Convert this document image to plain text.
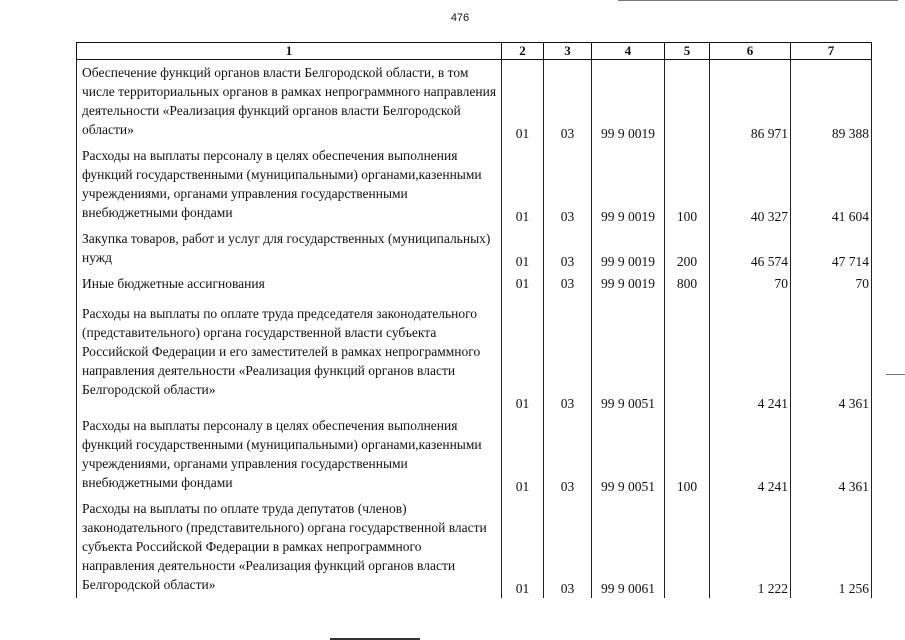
476
1	2	3	4	5	6	7
Обеспечение функций органов власти Белгородской области, в том числе территориальных органов в рамках непрограммного направления деятельности «Реализация функций органов власти Белгородской области»	01	03	99 9 0019		86 971	89 388
Расходы на выплаты персоналу в целях обеспечения выполнения функций государственными (муниципальными) органами,казенными учреждениями, органами управления государственными внебюджетными фондами	01	03	99 9 0019	100	40 327	41 604
Закупка товаров, работ и услуг для государственных (муниципальных) нужд	01	03	99 9 0019	200	46 574	47 714
Иные бюджетные ассигнования	01	03	99 9 0019	800	70	70
Расходы на выплаты по оплате труда председателя законодательного (представительного) органа государственной власти субъекта Российской Федерации и его заместителей в рамках непрограммного направления деятельности «Реализация функций органов власти Белгородской области»	01	03	99 9 0051		4 241	4 361
Расходы на выплаты персоналу в целях обеспечения выполнения функций государственными (муниципальными) органами,казенными учреждениями, органами управления государственными внебюджетными фондами	01	03	99 9 0051	100	4 241	4 361
Расходы на выплаты по оплате труда депутатов (членов) законодательного (представительного) органа государственной власти субъекта Российской Федерации в рамках непрограммного направления деятельности «Реализация функций органов власти Белгородской области»	01	03	99 9 0061		1 222	1 256
